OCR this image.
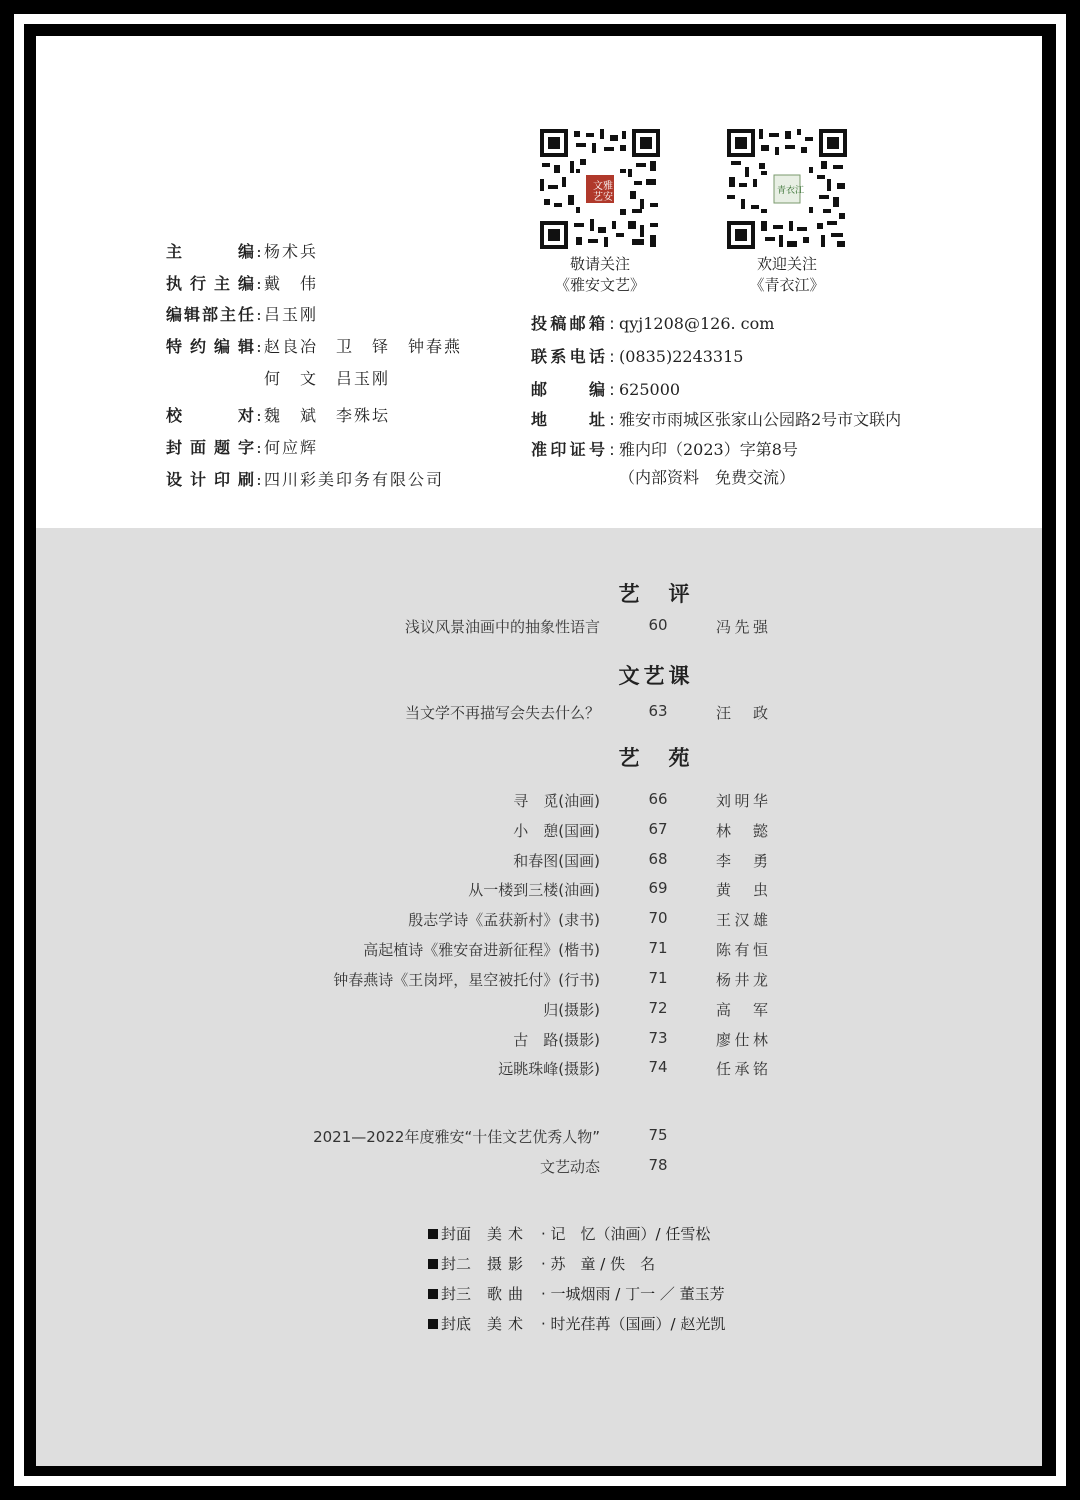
主　　编 : 杨术兵
执行主编 : 戴　伟
编辑部主任 : 吕玉刚
特约编辑 : 赵良冶　卫　铎　钟春燕
何　文　吕玉刚
校　　对 : 魏　斌　李殊坛
封面题字 : 何应辉
设计印刷 : 四川彩美印务有限公司
文 雅
艺 安
敬请关注
《雅安文艺》
青衣江
欢迎关注
《青衣江》
投稿邮箱 : qyj1208@126. com
联系电话 : (0835)2243315
邮　　编 : 625000
地　　址 : 雅安市雨城区张家山公园路2号市文联内
准印证号 : 雅内印（2023）字第8号
（内部资料　免费交流）
艺　评
浅议风景油画中的抽象性语言	60	冯先强
文艺课
当文学不再描写会失去什么？	63	汪　政
艺　苑
寻　觅(油画)	66	刘明华
小　憩(国画)	67	林　懿
和春图(国画)	68	李　勇
从一楼到三楼(油画)	69	黄　虫
殷志学诗《孟获新村》(隶书)	70	王汉雄
高起植诗《雅安奋进新征程》(楷书)	71	陈有恒
钟春燕诗《王岗坪，星空被托付》(行书)	71	杨井龙
归(摄影)	72	高　军
古　路(摄影)	73	廖仕林
远眺珠峰(摄影)	74	任承铭
2021—2022年度雅安“十佳文艺优秀人物”	75
文艺动态	78
封面 美术 · 记　忆（油画）/ 任雪松
封二 摄影 · 苏　童 / 佚　名
封三 歌曲 · 一城烟雨 / 丁一 ／ 董玉芳
封底 美术 · 时光荏苒（国画）/ 赵光凯
